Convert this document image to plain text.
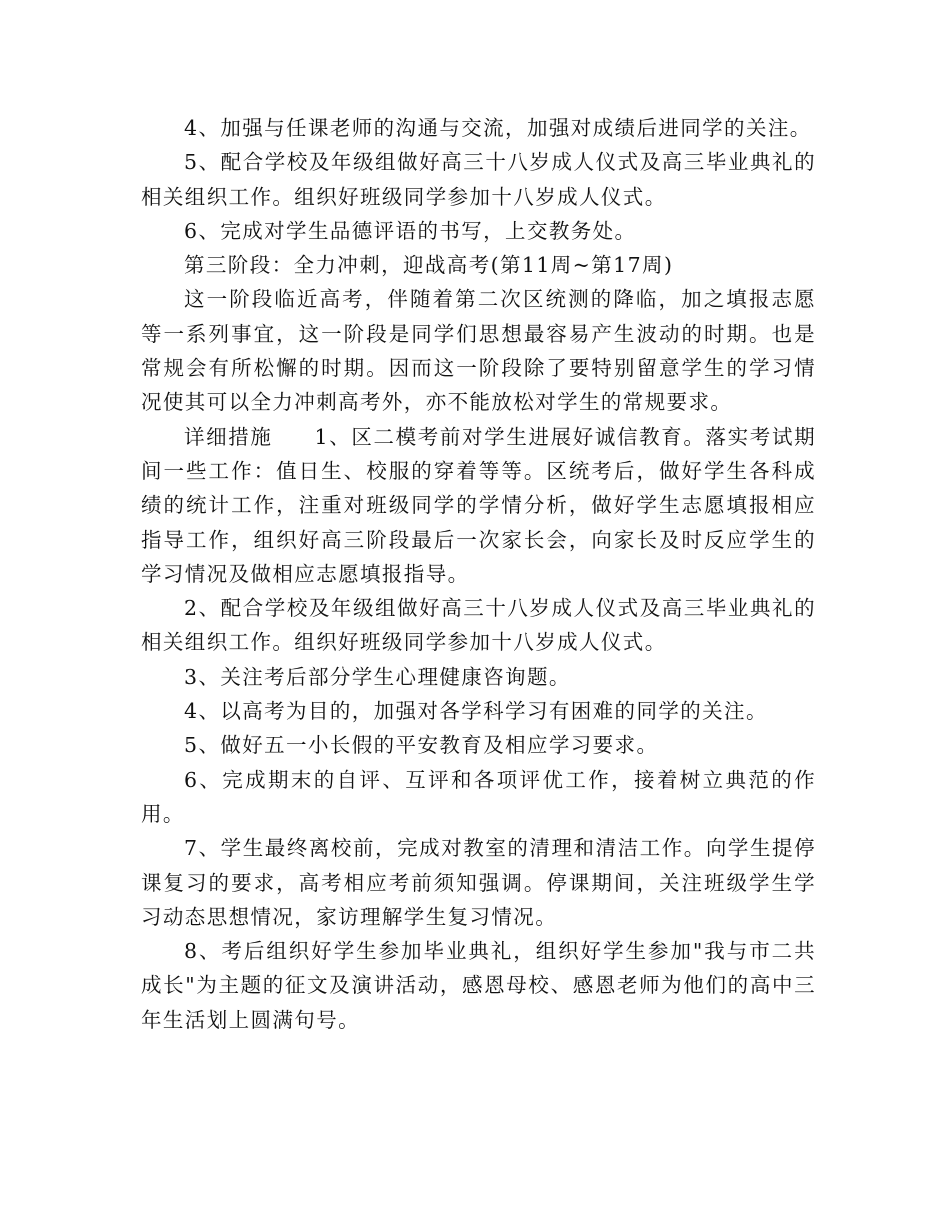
4、加强与任课老师的沟通与交流，加强对成绩后进同学的关注。

5、配合学校及年级组做好高三十八岁成人仪式及高三毕业典礼的相关组织工作。组织好班级同学参加十八岁成人仪式。

6、完成对学生品德评语的书写，上交教务处。

第三阶段：全力冲刺，迎战高考(第11周~第17周)

这一阶段临近高考，伴随着第二次区统测的降临，加之填报志愿等一系列事宜，这一阶段是同学们思想最容易产生波动的时期。也是常规会有所松懈的时期。因而这一阶段除了要特别留意学生的学习情况使其可以全力冲刺高考外，亦不能放松对学生的常规要求。

详细措施 1、区二模考前对学生进展好诚信教育。落实考试期间一些工作：值日生、校服的穿着等等。区统考后，做好学生各科成绩的统计工作，注重对班级同学的学情分析，做好学生志愿填报相应指导工作，组织好高三阶段最后一次家长会，向家长及时反应学生的学习情况及做相应志愿填报指导。

2、配合学校及年级组做好高三十八岁成人仪式及高三毕业典礼的相关组织工作。组织好班级同学参加十八岁成人仪式。

3、关注考后部分学生心理健康咨询题。

4、以高考为目的，加强对各学科学习有困难的同学的关注。

5、做好五一小长假的平安教育及相应学习要求。

6、完成期末的自评、互评和各项评优工作，接着树立典范的作用。

7、学生最终离校前，完成对教室的清理和清洁工作。向学生提停课复习的要求，高考相应考前须知强调。停课期间，关注班级学生学习动态思想情况，家访理解学生复习情况。

8、考后组织好学生参加毕业典礼，组织好学生参加"我与市二共成长"为主题的征文及演讲活动，感恩母校、感恩老师为他们的高中三年生活划上圆满句号。
